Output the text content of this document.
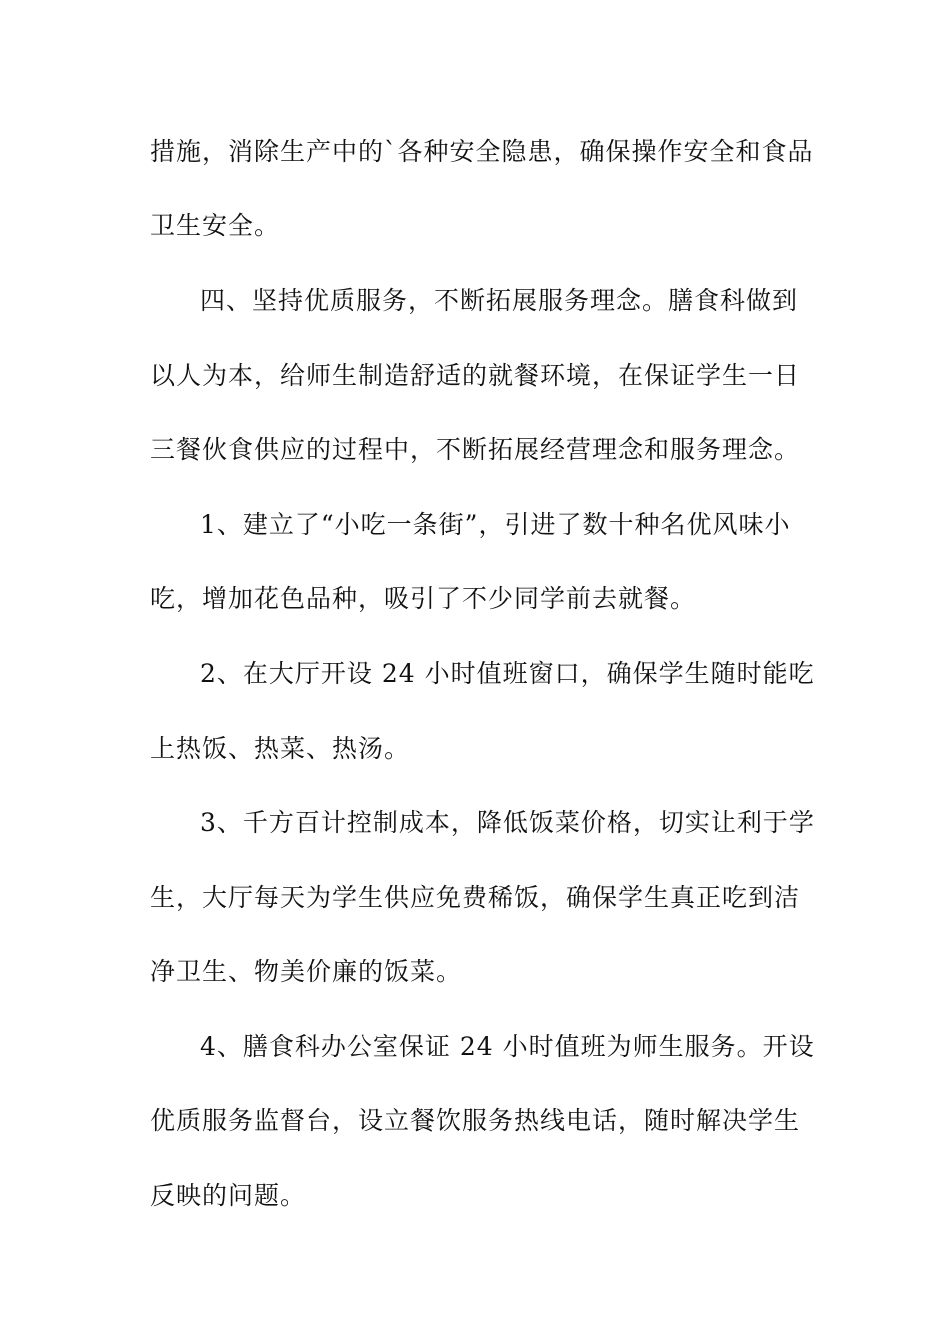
措施，消除生产中的`各种安全隐患，确保操作安全和食品
卫生安全。
四、坚持优质服务，不断拓展服务理念。膳食科做到
以人为本，给师生制造舒适的就餐环境，在保证学生一日
三餐伙食供应的过程中，不断拓展经营理念和服务理念。
1、建立了“小吃一条街”，引进了数十种名优风味小
吃，增加花色品种，吸引了不少同学前去就餐。
2、在大厅开设 24 小时值班窗口，确保学生随时能吃
上热饭、热菜、热汤。
3、千方百计控制成本，降低饭菜价格，切实让利于学
生，大厅每天为学生供应免费稀饭，确保学生真正吃到洁
净卫生、物美价廉的饭菜。
4、膳食科办公室保证 24 小时值班为师生服务。开设
优质服务监督台，设立餐饮服务热线电话，随时解决学生
反映的问题。
